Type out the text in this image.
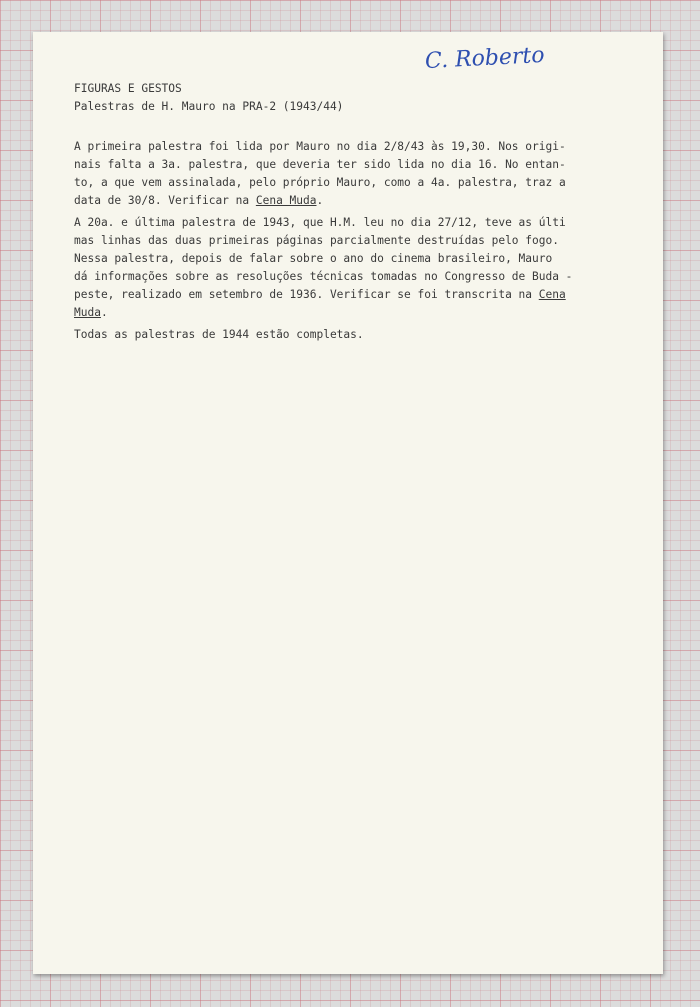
C. Roberto

FIGURAS E GESTOS

Palestras de H. Mauro na PRA-2 (1943/44)

A primeira palestra foi lida por Mauro no dia 2/8/43 às 19,30. Nos origi-
nais falta a 3a. palestra, que deveria ter sido lida no dia 16. No entan-
to, a que vem assinalada, pelo próprio Mauro, como a 4a. palestra, traz a
data de 30/8. Verificar na Cena Muda.
A 20a. e última palestra de 1943, que H.M. leu no dia 27/12, teve as últi
mas linhas das duas primeiras páginas parcialmente destruídas pelo fogo.
Nessa palestra, depois de falar sobre o ano do cinema brasileiro, Mauro
dá informações sobre as resoluções técnicas tomadas no Congresso de Buda -
peste, realizado em setembro de 1936. Verificar se foi transcrita na Cena
Muda.

Todas as palestras de 1944 estão completas.
